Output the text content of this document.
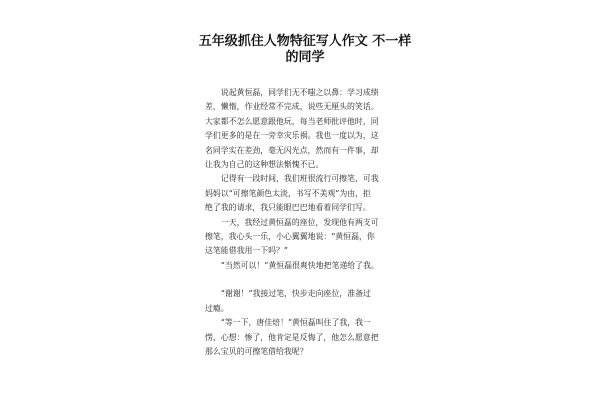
五年级抓住人物特征写人作文 不一样
的同学

说起黄恒磊，同学们无不嗤之以鼻：学习成绩
差，懒惰，作业经常不完成，说些无厘头的笑话。
大家都不怎么愿意跟他玩，每当老师批评他时，同
学们更多的是在一旁幸灾乐祸。我也一度以为，这
名同学实在差劲，毫无闪光点，然而有一件事，却
让我为自己的这种想法惭愧不已。

记得有一段时间，我们班很流行可擦笔，可我
妈妈以“可擦笔颜色太淡，书写不美观”为由，拒
绝了我的请求，我只能眼巴巴地看着同学们写。

一天，我经过黄恒磊的座位，发现他有两支可
擦笔，我心头一乐，小心翼翼地说：“黄恒磊，你
这笔能借我用一下吗？”

“当然可以！”黄恒磊很爽快地把笔递给了我。

“谢谢！”我接过笔，快步走向座位，准备过
过瘾。

“等一下，唐佳焙！”黄恒磊叫住了我，我一
愣，心想：惨了，他肯定是反悔了，他怎么愿意把
那么宝贝的可擦笔借给我呢？
